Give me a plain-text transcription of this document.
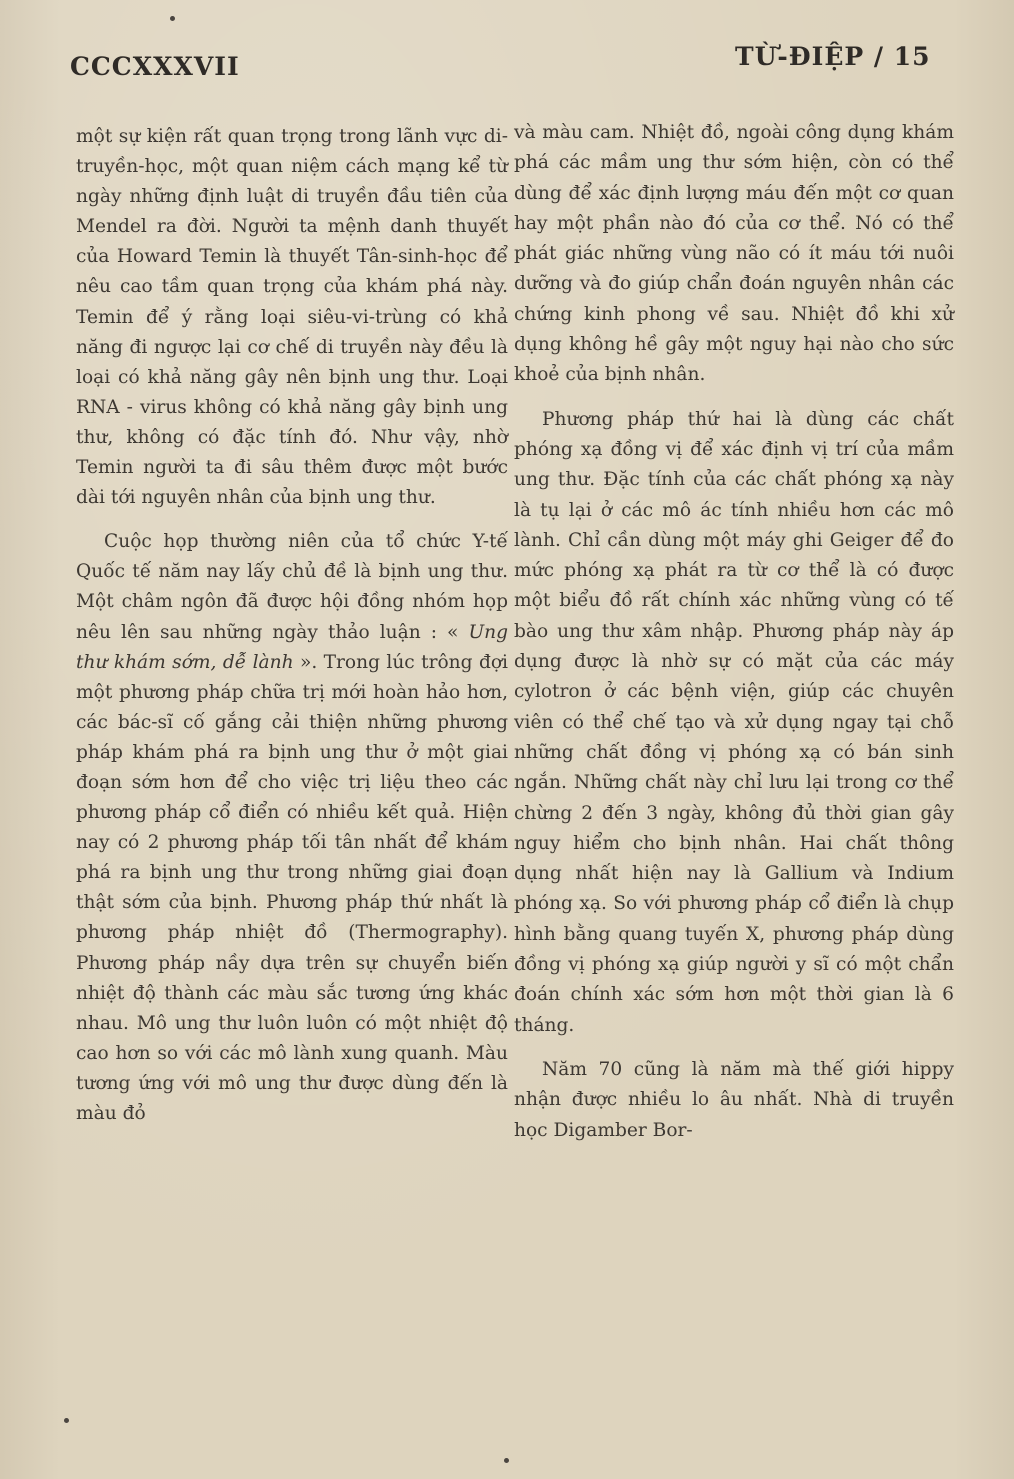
CCCXXXVII	TỪ-ĐIỆP / 15

một sự kiện rất quan trọng trong lãnh vực di-truyền-học, một quan niệm cách mạng kể từ ngày những định luật di truyền đầu tiên của Mendel ra đời. Người ta mệnh danh thuyết của Howard Temin là thuyết Tân-sinh-học để nêu cao tầm quan trọng của khám phá này. Temin để ý rằng loại siêu-vi-trùng có khả năng đi ngược lại cơ chế di truyền này đều là loại có khả năng gây nên bịnh ung thư. Loại RNA - virus không có khả năng gây bịnh ung thư, không có đặc tính đó. Như vậy, nhờ Temin người ta đi sâu thêm được một bước dài tới nguyên nhân của bịnh ung thư.

Cuộc họp thường niên của tổ chức Y-tế Quốc tế năm nay lấy chủ đề là bịnh ung thư. Một châm ngôn đã được hội đồng nhóm họp nêu lên sau những ngày thảo luận : « Ung thư khám sớm, dễ lành ». Trong lúc trông đợi một phương pháp chữa trị mới hoàn hảo hơn, các bác-sĩ cố gắng cải thiện những phương pháp khám phá ra bịnh ung thư ở một giai đoạn sớm hơn để cho việc trị liệu theo các phương pháp cổ điển có nhiều kết quả. Hiện nay có 2 phương pháp tối tân nhất để khám phá ra bịnh ung thư trong những giai đoạn thật sớm của bịnh. Phương pháp thứ nhất là phương pháp nhiệt đồ (Thermography). Phương pháp nầy dựa trên sự chuyển biến nhiệt độ thành các màu sắc tương ứng khác nhau. Mô ung thư luôn luôn có một nhiệt độ cao hơn so với các mô lành xung quanh. Màu tương ứng với mô ung thư được dùng đến là màu đỏ

và màu cam. Nhiệt đồ, ngoài công dụng khám phá các mầm ung thư sớm hiện, còn có thể dùng để xác định lượng máu đến một cơ quan hay một phần nào đó của cơ thể. Nó có thể phát giác những vùng não có ít máu tới nuôi dưỡng và đo giúp chẩn đoán nguyên nhân các chứng kinh phong về sau. Nhiệt đồ khi xử dụng không hề gây một nguy hại nào cho sức khoẻ của bịnh nhân.

Phương pháp thứ hai là dùng các chất phóng xạ đồng vị để xác định vị trí của mầm ung thư. Đặc tính của các chất phóng xạ này là tụ lại ở các mô ác tính nhiều hơn các mô lành. Chỉ cần dùng một máy ghi Geiger để đo mức phóng xạ phát ra từ cơ thể là có được một biểu đồ rất chính xác những vùng có tế bào ung thư xâm nhập. Phương pháp này áp dụng được là nhờ sự có mặt của các máy cylotron ở các bệnh viện, giúp các chuyên viên có thể chế tạo và xử dụng ngay tại chỗ những chất đồng vị phóng xạ có bán sinh ngắn. Những chất này chỉ lưu lại trong cơ thể chừng 2 đến 3 ngày, không đủ thời gian gây nguy hiểm cho bịnh nhân. Hai chất thông dụng nhất hiện nay là Gallium và Indium phóng xạ. So với phương pháp cổ điển là chụp hình bằng quang tuyến X, phương pháp dùng đồng vị phóng xạ giúp người y sĩ có một chẩn đoán chính xác sớm hơn một thời gian là 6 tháng.

Năm 70 cũng là năm mà thế giới hippy nhận được nhiều lo âu nhất. Nhà di truyền học Digamber Bor-
